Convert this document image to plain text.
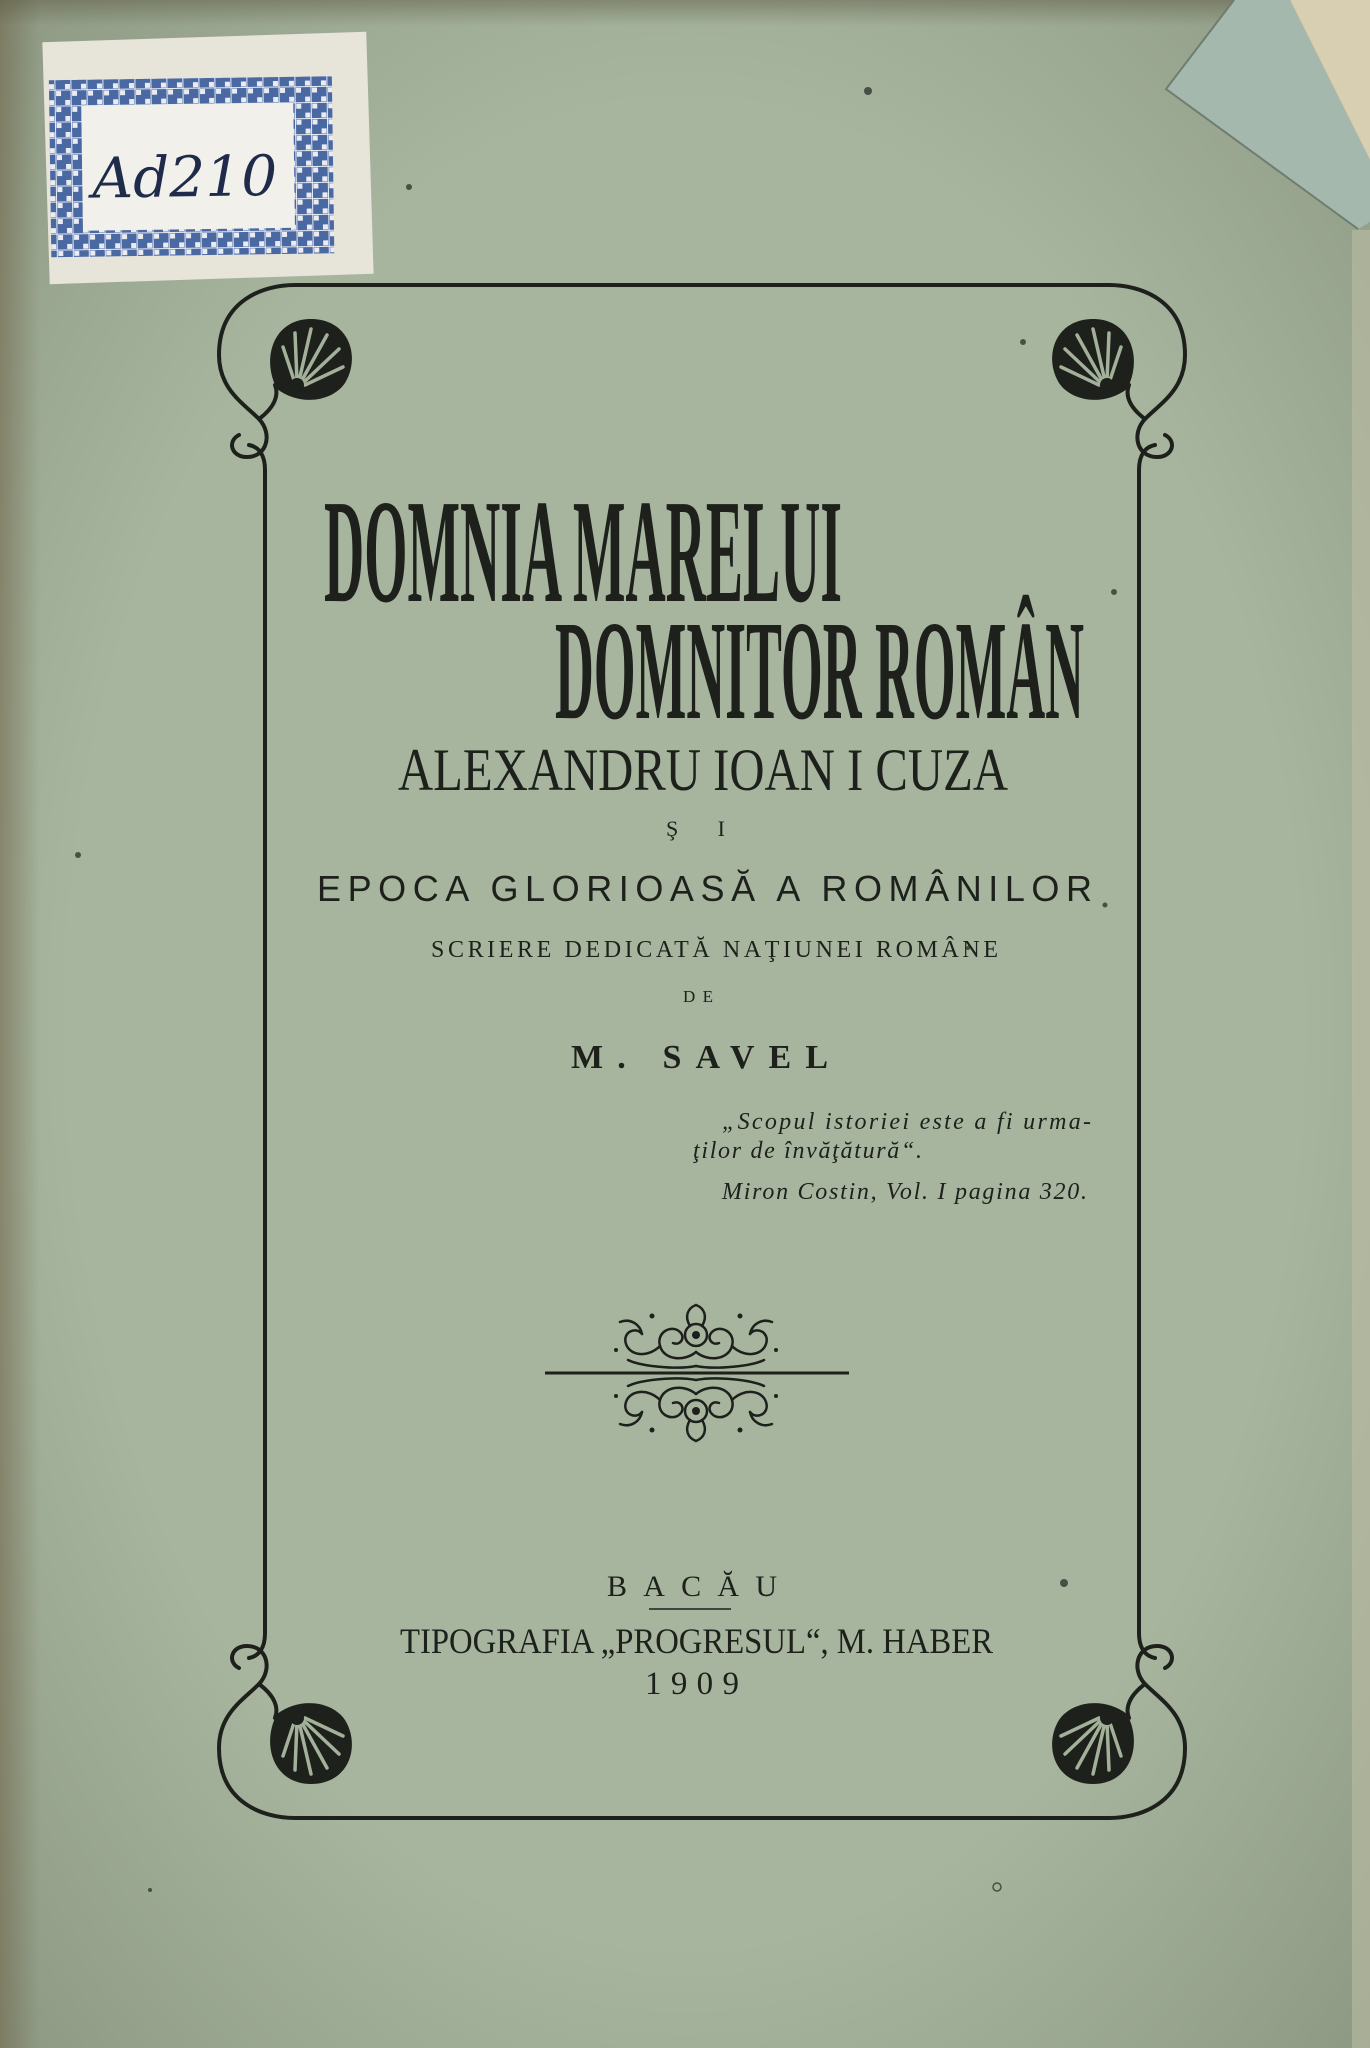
Ad210
DOMNIA MARELUI
DOMNITOR ROMÂN
ALEXANDRU IOAN I CUZA
ŞI
EPOCA GLORIOASĂ A ROMÂNILOR
SCRIERE DEDICATĂ NAŢIUNEI ROMÂNE
DE
M. SAVEL
„Scopul istoriei este a fi urma-
ţilor de învăţătură“.
Miron Costin, Vol. I pagina 320.
BACĂU
TIPOGRAFIA „PROGRESUL“, M. HABER
1909
